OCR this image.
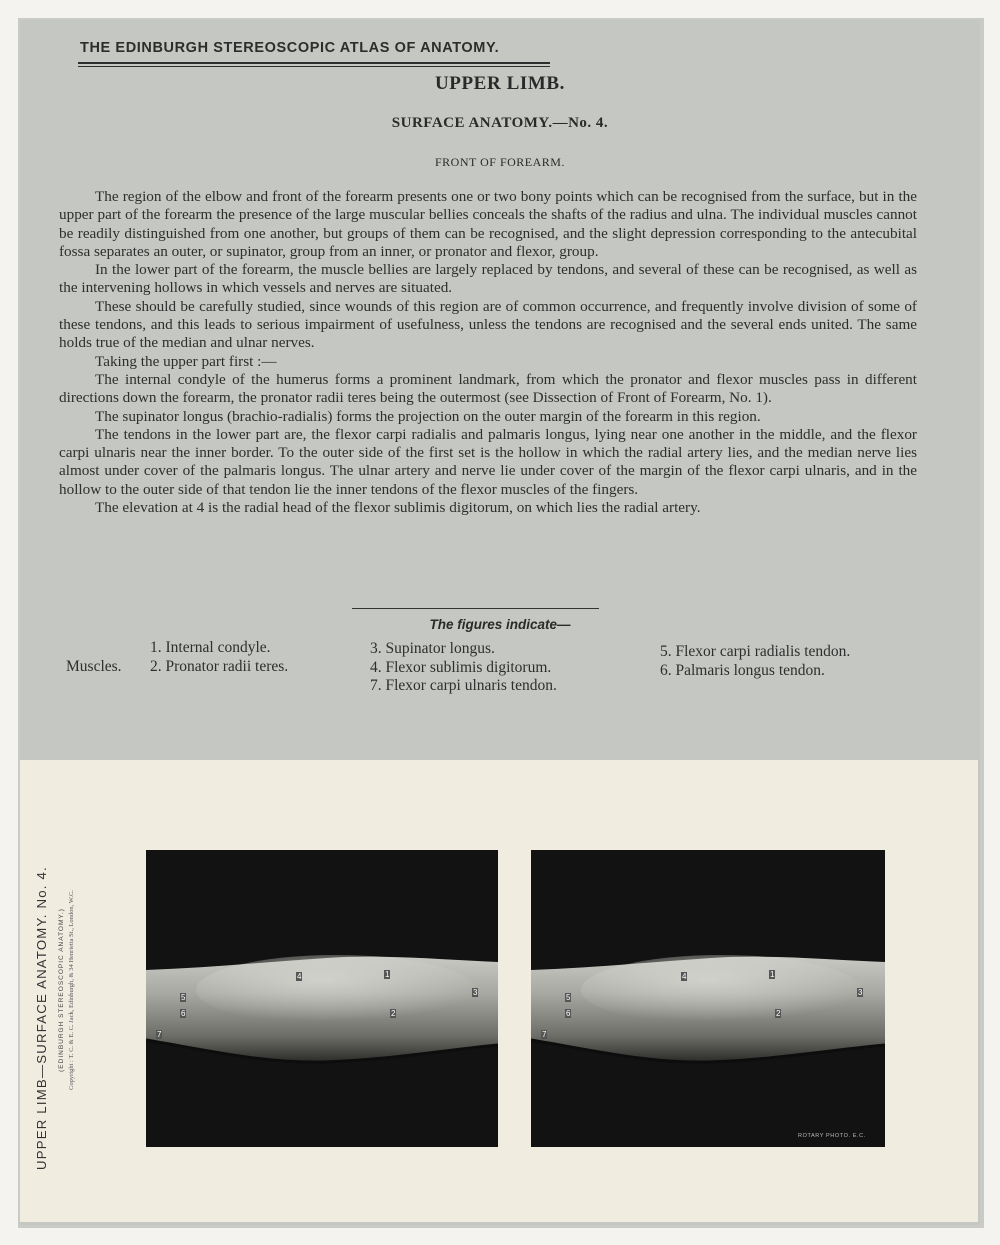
THE EDINBURGH STEREOSCOPIC ATLAS OF ANATOMY.
UPPER LIMB.
SURFACE ANATOMY.—No. 4.
FRONT OF FOREARM.

The region of the elbow and front of the forearm presents one or two bony points which can be recognised from the surface, but in the upper part of the forearm the presence of the large muscular bellies conceals the shafts of the radius and ulna. The individual muscles cannot be readily distinguished from one another, but groups of them can be recognised, and the slight depression corresponding to the antecubital fossa separates an outer, or supinator, group from an inner, or pronator and flexor, group.

In the lower part of the forearm, the muscle bellies are largely replaced by tendons, and several of these can be recognised, as well as the intervening hollows in which vessels and nerves are situated.

These should be carefully studied, since wounds of this region are of common occurrence, and frequently involve division of some of these tendons, and this leads to serious impairment of usefulness, unless the tendons are recognised and the several ends united. The same holds true of the median and ulnar nerves.

Taking the upper part first :—

The internal condyle of the humerus forms a prominent landmark, from which the pronator and flexor muscles pass in different directions down the forearm, the pronator radii teres being the outermost (see Dissection of Front of Forearm, No. 1).

The supinator longus (brachio-radialis) forms the projection on the outer margin of the forearm in this region.

The tendons in the lower part are, the flexor carpi radialis and palmaris longus, lying near one another in the middle, and the flexor carpi ulnaris near the inner border. To the outer side of the first set is the hollow in which the radial artery lies, and the median nerve lies almost under cover of the palmaris longus. The ulnar artery and nerve lie under cover of the margin of the flexor carpi ulnaris, and in the hollow to the outer side of that tendon lie the inner tendons of the flexor muscles of the fingers.

The elevation at 4 is the radial head of the flexor sublimis digitorum, on which lies the radial artery.

The figures indicate—
Muscles.
1. Internal condyle.
2. Pronator radii teres.
3. Supinator longus.
4. Flexor sublimis digitorum.
7. Flexor carpi ulnaris tendon.
5. Flexor carpi radialis tendon.
6. Palmaris longus tendon.
UPPER LIMB—SURFACE ANATOMY. No. 4. (EDINBURGH STEREOSCOPIC ANATOMY.) Copyright : T. C. & E. C. Jack, Edinburgh, & 34 Henrietta St., London, W.C.	1
2
3
4
5
6
7
1
2
3
4
5
6
7
ROTARY PHOTO. E.C.
